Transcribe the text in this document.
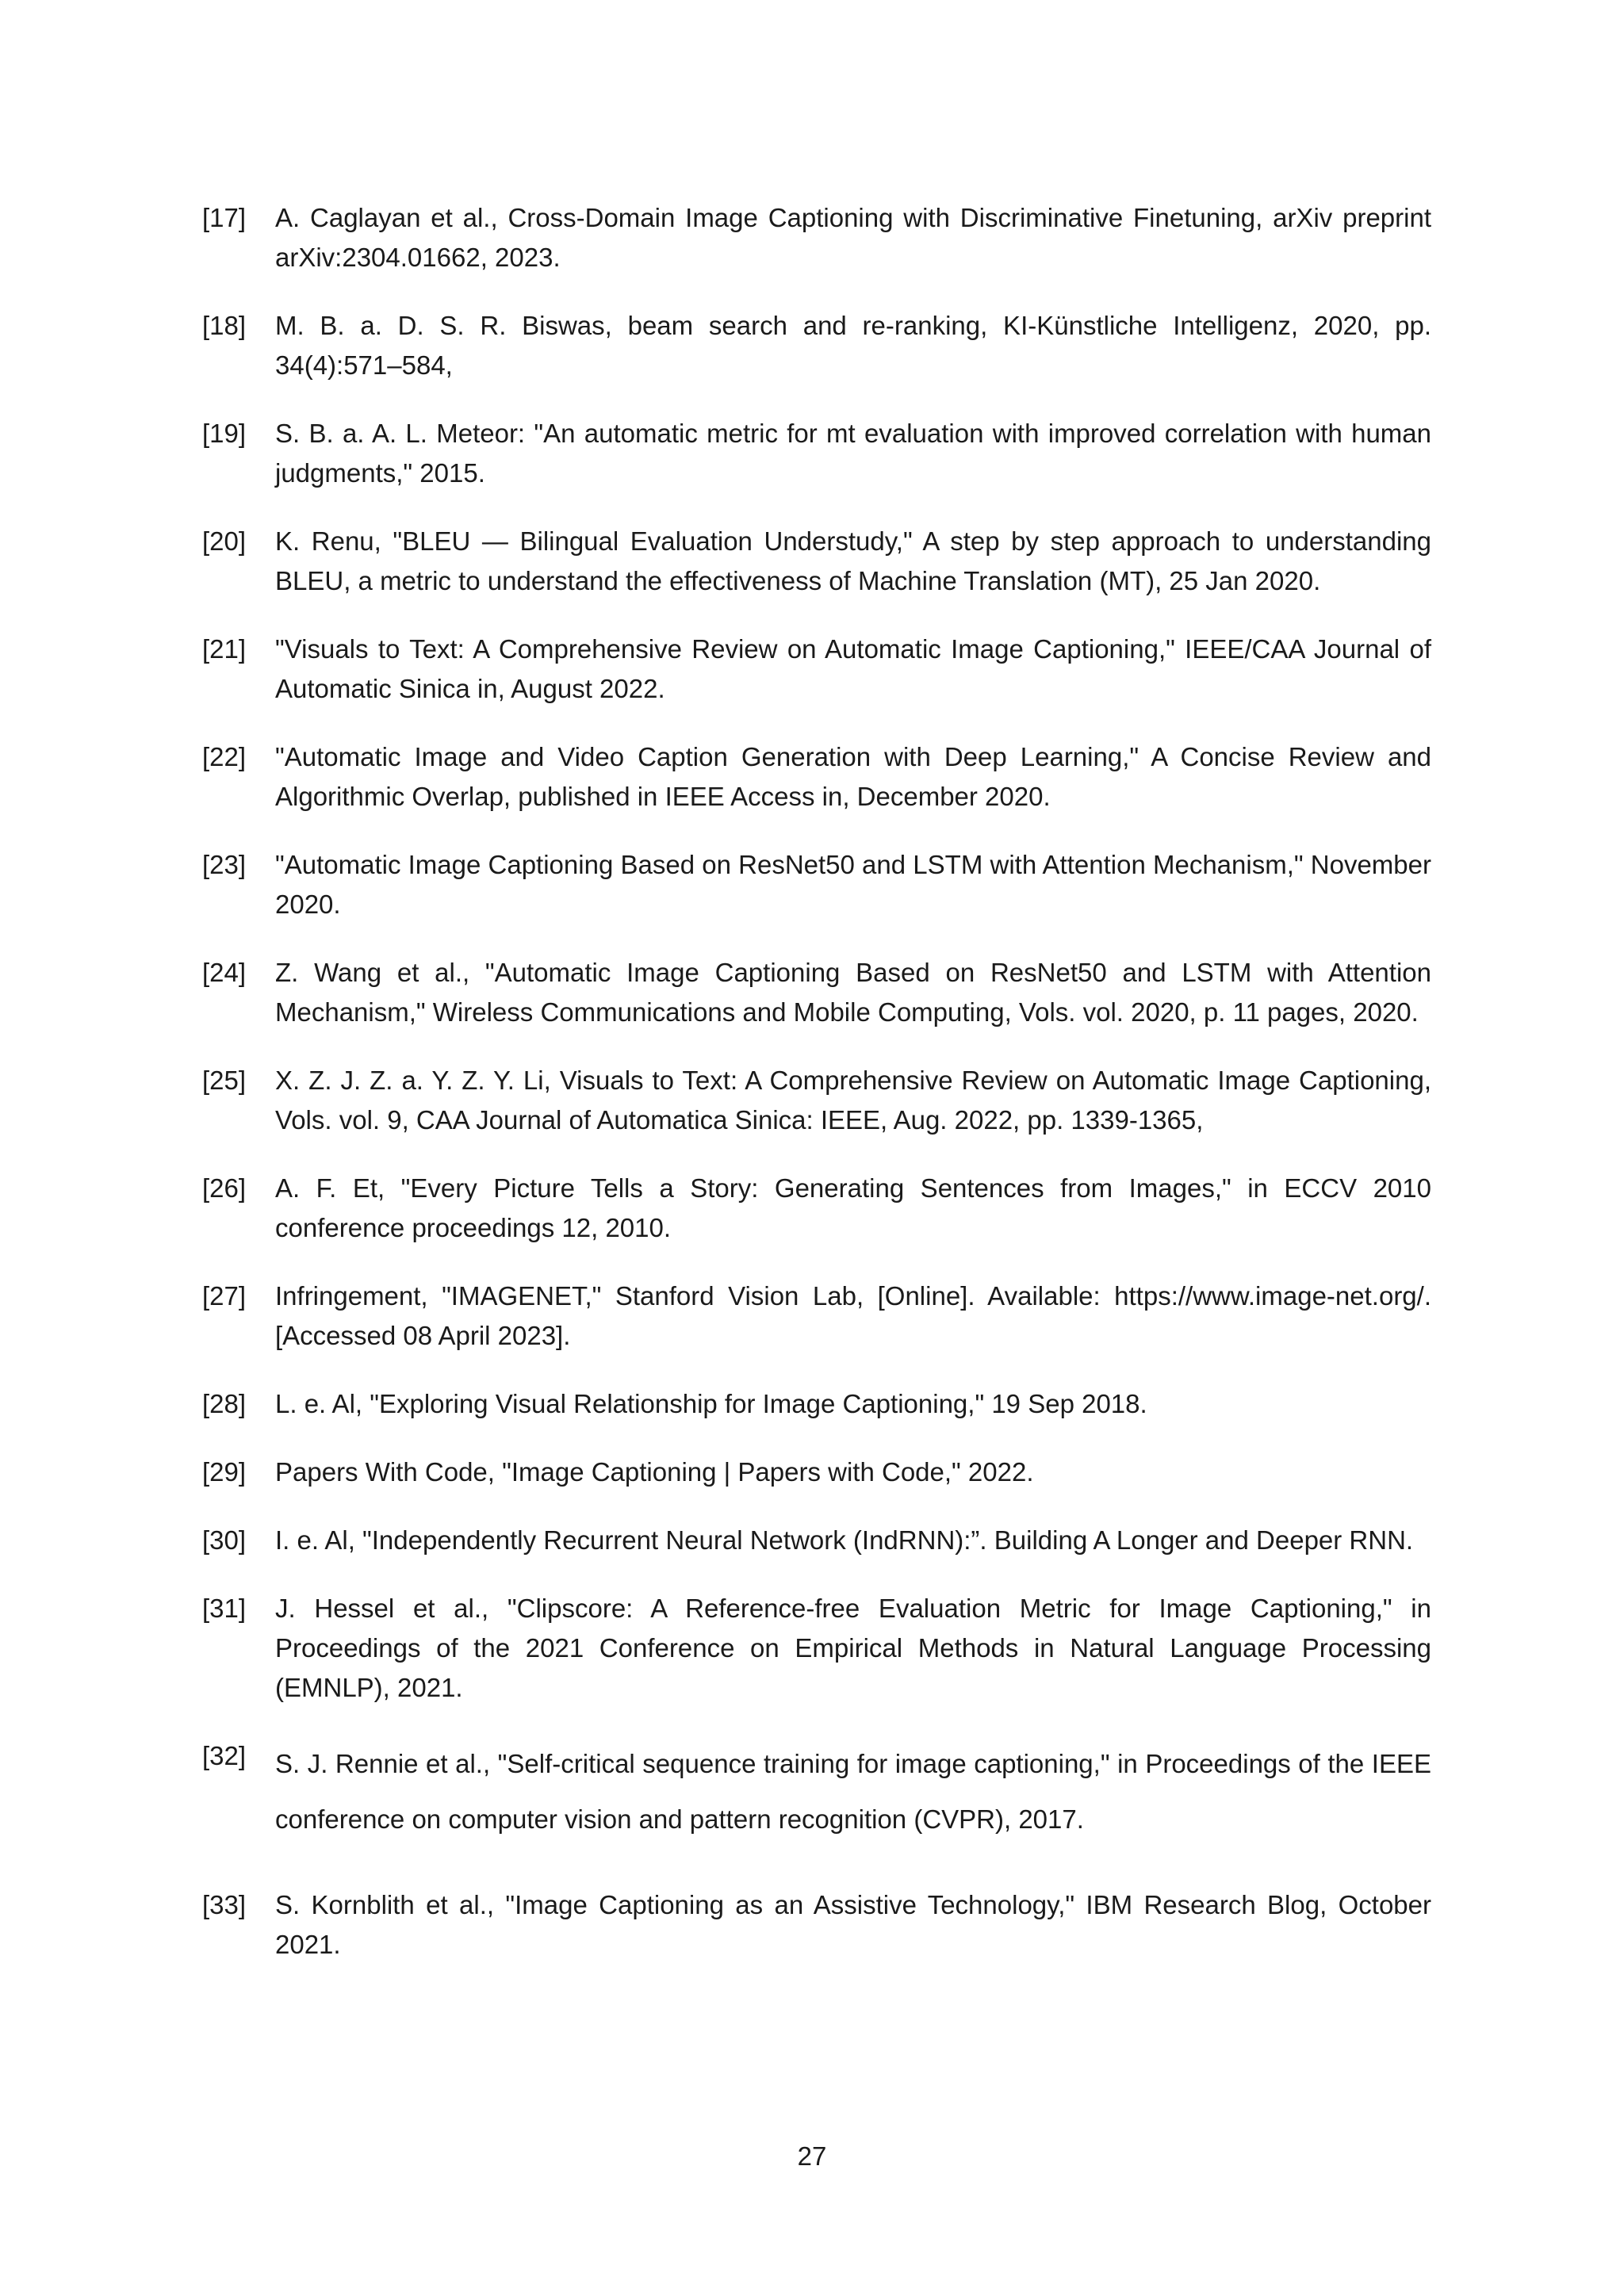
[17]	A. Caglayan et al., Cross-Domain Image Captioning with Discriminative Finetuning, arXiv preprint arXiv:2304.01662, 2023.
[18]	M. B. a. D. S. R. Biswas, beam search and re-ranking, KI-Künstliche Intelligenz, 2020, pp. 34(4):571–584,
[19]	S. B. a. A. L. Meteor: "An automatic metric for mt evaluation with improved correlation with human judgments," 2015.
[20]	K. Renu, "BLEU — Bilingual Evaluation Understudy," A step by step approach to understanding BLEU, a metric to understand the effectiveness of Machine Translation (MT), 25 Jan 2020.
[21]	"Visuals to Text: A Comprehensive Review on Automatic Image Captioning," IEEE/CAA Journal of Automatic Sinica in, August 2022.
[22]	"Automatic Image and Video Caption Generation with Deep Learning," A Concise Review and Algorithmic Overlap, published in IEEE Access in, December 2020.
[23]	"Automatic Image Captioning Based on ResNet50 and LSTM with Attention Mechanism," November 2020.
[24]	Z. Wang et al., "Automatic Image Captioning Based on ResNet50 and LSTM with Attention Mechanism," Wireless Communications and Mobile Computing, Vols. vol. 2020, p. 11 pages, 2020.
[25]	X. Z. J. Z. a. Y. Z. Y. Li, Visuals to Text: A Comprehensive Review on Automatic Image Captioning, Vols. vol. 9, CAA Journal of Automatica Sinica: IEEE, Aug. 2022, pp. 1339-1365,
[26]	A. F. Et, "Every Picture Tells a Story: Generating Sentences from Images," in ECCV 2010 conference proceedings 12, 2010.
[27]	Infringement, "IMAGENET," Stanford Vision Lab, [Online]. Available: https://www.image-net.org/. [Accessed 08 April 2023].
[28]	L. e. Al, "Exploring Visual Relationship for Image Captioning," 19 Sep 2018.
[29]	Papers With Code, "Image Captioning | Papers with Code," 2022.
[30]	I. e. Al, "Independently Recurrent Neural Network (IndRNN):”. Building A Longer and Deeper RNN.
[31]	J. Hessel et al., "Clipscore: A Reference-free Evaluation Metric for Image Captioning," in Proceedings of the 2021 Conference on Empirical Methods in Natural Language Processing (EMNLP), 2021.
[32]	S. J. Rennie et al., "Self-critical sequence training for image captioning," in Proceedings of the IEEE conference on computer vision and pattern recognition (CVPR), 2017.
[33]	S. Kornblith et al., "Image Captioning as an Assistive Technology," IBM Research Blog, October 2021.
27
